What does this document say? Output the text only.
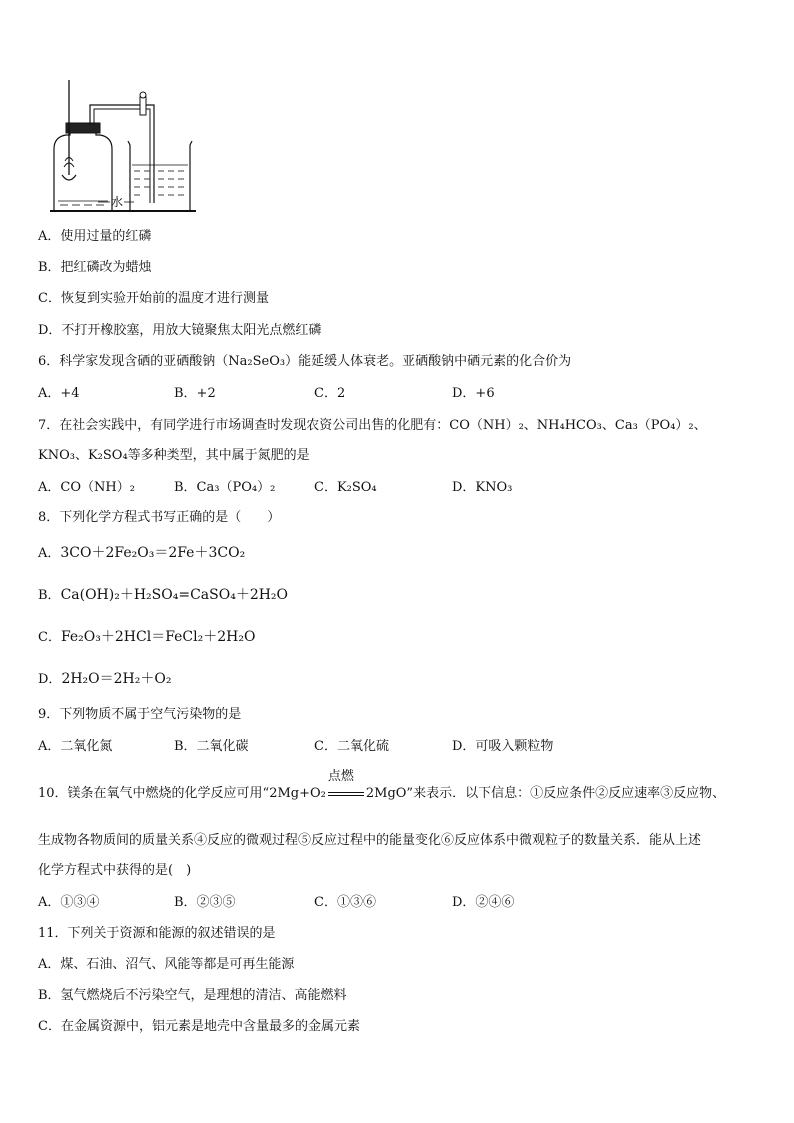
水
A．使用过量的红磷
B．把红磷改为蜡烛
C．恢复到实验开始前的温度才进行测量
D．不打开橡胶塞，用放大镜聚焦太阳光点燃红磷
6．科学家发现含硒的亚硒酸钠（Na₂SeO₃）能延缓人体衰老。亚硒酸钠中硒元素的化合价为
A．+4	B．+2	C．2	D．+6
7．在社会实践中，有同学进行市场调查时发现农资公司出售的化肥有：CO（NH）₂、NH₄HCO₃、Ca₃（PO₄）₂、
KNO₃、K₂SO₄等多种类型，其中属于氮肥的是
A．CO（NH）₂	B．Ca₃（PO₄）₂	C．K₂SO₄	D．KNO₃
8．下列化学方程式书写正确的是（　　）
A．3CO＋2Fe₂O₃＝2Fe＋3CO₂
B．Ca(OH)₂＋H₂SO₄=CaSO₄＋2H₂O
C．Fe₂O₃＋2HCl＝FeCl₂＋2H₂O
D．2H₂O＝2H₂＋O₂
9．下列物质不属于空气污染物的是
A．二氧化氮	B．二氧化碳	C．二氧化硫	D．可吸入颗粒物
10．镁条在氧气中燃烧的化学反应可用“2Mg+O₂
点燃
2MgO”来表示．以下信息：①反应条件②反应速率③反应物、
生成物各物质间的质量关系④反应的微观过程⑤反应过程中的能量变化⑥反应体系中微观粒子的数量关系．能从上述
化学方程式中获得的是(　)
A．①③④	B．②③⑤	C．①③⑥	D．②④⑥
11．下列关于资源和能源的叙述错误的是
A．煤、石油、沼气、风能等都是可再生能源
B．氢气燃烧后不污染空气，是理想的清洁、高能燃料
C．在金属资源中，铝元素是地壳中含量最多的金属元素
